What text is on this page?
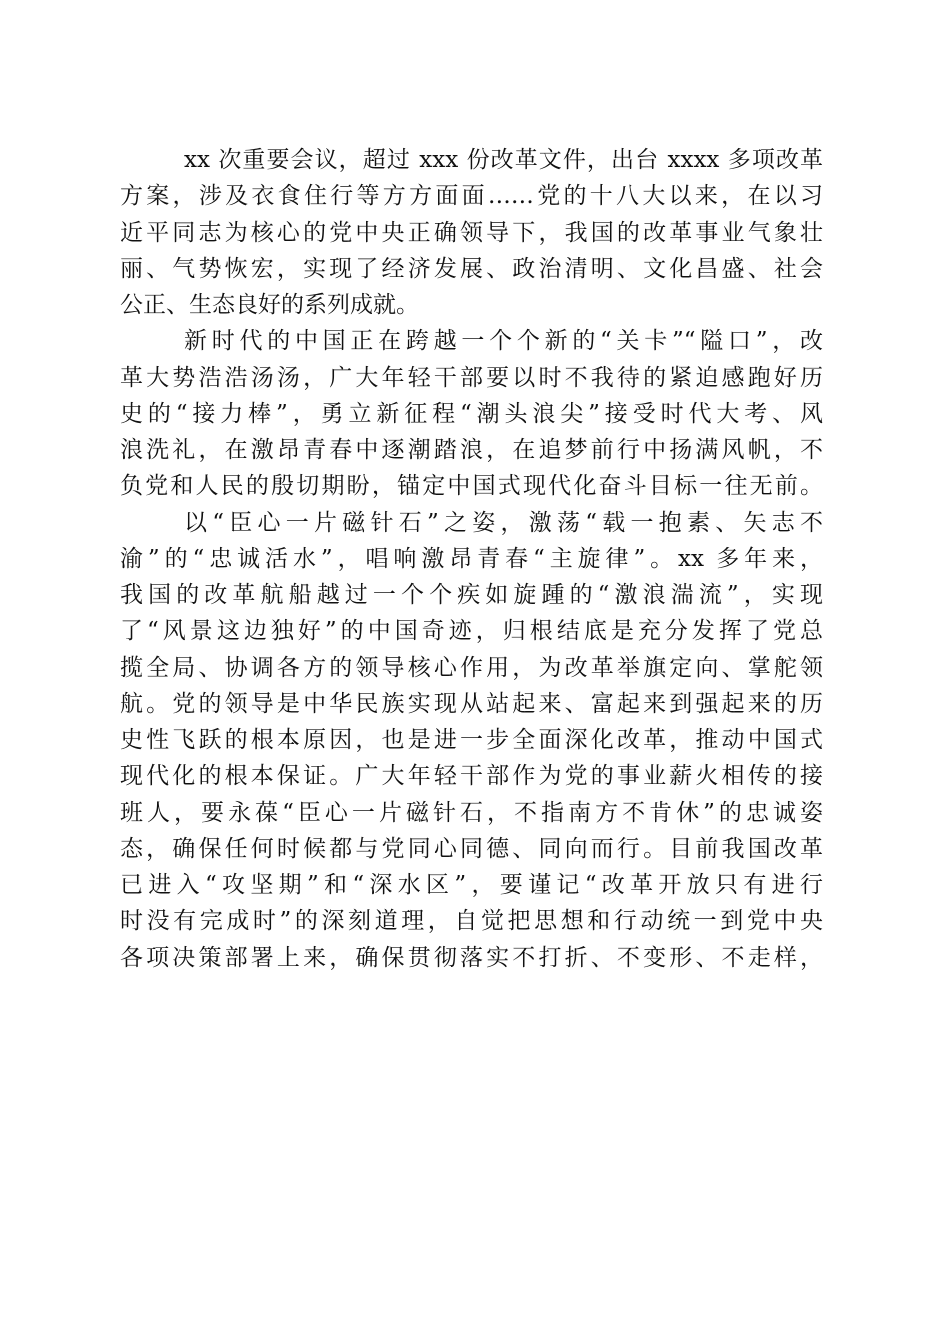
xx 次重要会议，超过 xxx 份改革文件，出台 xxxx 多项改革
方案，涉及衣食住行等方方面面……党的十八大以来，在以习
近平同志为核心的党中央正确领导下，我国的改革事业气象壮
丽、气势恢宏，实现了经济发展、政治清明、文化昌盛、社会
公正、生态良好的系列成就。
新时代的中国正在跨越一个个新的“关卡”“隘口”，改
革大势浩浩汤汤，广大年轻干部要以时不我待的紧迫感跑好历
史的“接力棒”，勇立新征程“潮头浪尖”接受时代大考、风
浪洗礼，在激昂青春中逐潮踏浪，在追梦前行中扬满风帆，不
负党和人民的殷切期盼，锚定中国式现代化奋斗目标一往无前。
以“臣心一片磁针石”之姿，激荡“载一抱素、矢志不
渝”的“忠诚活水”，唱响激昂青春“主旋律”。xx 多年来，
我国的改革航船越过一个个疾如旋踵的“激浪湍流”，实现
了“风景这边独好”的中国奇迹，归根结底是充分发挥了党总
揽全局、协调各方的领导核心作用，为改革举旗定向、掌舵领
航。党的领导是中华民族实现从站起来、富起来到强起来的历
史性飞跃的根本原因，也是进一步全面深化改革，推动中国式
现代化的根本保证。广大年轻干部作为党的事业薪火相传的接
班人，要永葆“臣心一片磁针石，不指南方不肯休”的忠诚姿
态，确保任何时候都与党同心同德、同向而行。目前我国改革
已进入“攻坚期”和“深水区”，要谨记“改革开放只有进行
时没有完成时”的深刻道理，自觉把思想和行动统一到党中央
各项决策部署上来，确保贯彻落实不打折、不变形、不走样，
